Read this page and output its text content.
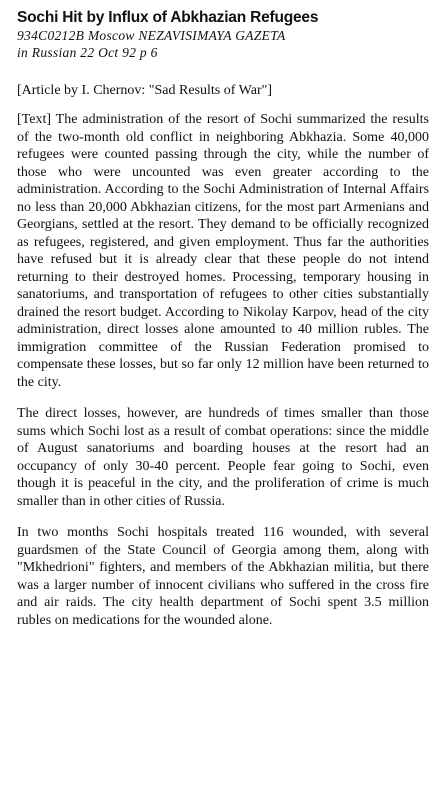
Sochi Hit by Influx of Abkhazian Refugees
934C0212B Moscow NEZAVISIMAYA GAZETA
in Russian 22 Oct 92 p 6

[Article by I. Chernov: "Sad Results of War"]

[Text] The administration of the resort of Sochi summarized the results of the two-month old conflict in neighboring Abkhazia. Some 40,000 refugees were counted passing through the city, while the number of those who were uncounted was even greater according to the administration. According to the Sochi Administration of Internal Affairs no less than 20,000 Abkhazian citizens, for the most part Armenians and Georgians, settled at the resort. They demand to be officially recognized as refugees, registered, and given employment. Thus far the authorities have refused but it is already clear that these people do not intend returning to their destroyed homes. Processing, temporary housing in sanatoriums, and transportation of refugees to other cities substantially drained the resort budget. According to Nikolay Karpov, head of the city administration, direct losses alone amounted to 40 million rubles. The immigration committee of the Russian Federation promised to compensate these losses, but so far only 12 million have been returned to the city.

The direct losses, however, are hundreds of times smaller than those sums which Sochi lost as a result of combat operations: since the middle of August sanatoriums and boarding houses at the resort had an occupancy of only 30-40 percent. People fear going to Sochi, even though it is peaceful in the city, and the proliferation of crime is much smaller than in other cities of Russia.

In two months Sochi hospitals treated 116 wounded, with several guardsmen of the State Council of Georgia among them, along with "Mkhedrioni" fighters, and members of the Abkhazian militia, but there was a larger number of innocent civilians who suffered in the cross fire and air raids. The city health department of Sochi spent 3.5 million rubles on medications for the wounded alone.
